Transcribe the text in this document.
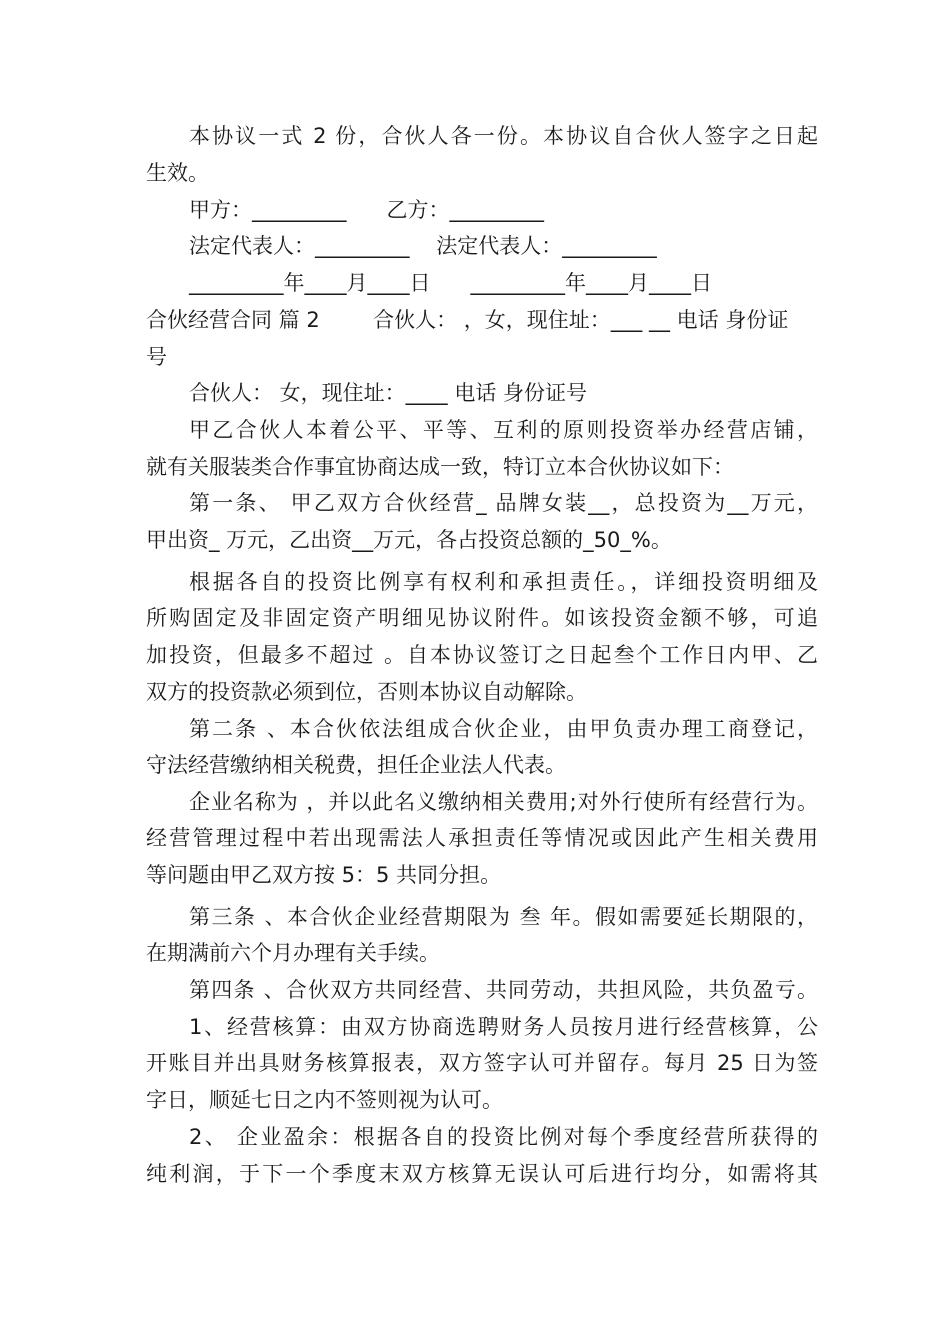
本协议一式 2 份，合伙人各一份。本协议自合伙人签字之日起
生效。
甲方：_________      乙方：_________
法定代表人：_________    法定代表人：_________
_________年____月____日      _________年____月____日
合伙经营合同 篇 2        合伙人： ，女，现住址：___ __ 电话 身份证
号
合伙人： 女，现住址：____ 电话 身份证号
甲乙合伙人本着公平、平等、互利的原则投资举办经营店铺，
就有关服装类合作事宜协商达成一致，特订立本合伙协议如下：
第一条、 甲乙双方合伙经营_ 品牌女装__，总投资为__万元，
甲出资_ 万元，乙出资__万元，各占投资总额的_50_%。
根据各自的投资比例享有权利和承担责任。，详细投资明细及
所购固定及非固定资产明细见协议附件。如该投资金额不够，可追
加投资，但最多不超过 。自本协议签订之日起叁个工作日内甲、乙
双方的投资款必须到位，否则本协议自动解除。
第二条 、本合伙依法组成合伙企业，由甲负责办理工商登记，
守法经营缴纳相关税费，担任企业法人代表。
企业名称为 ，并以此名义缴纳相关费用;对外行使所有经营行为。
经营管理过程中若出现需法人承担责任等情况或因此产生相关费用
等问题由甲乙双方按 5：5 共同分担。
第三条 、本合伙企业经营期限为 叁 年。假如需要延长期限的，
在期满前六个月办理有关手续。
第四条 、合伙双方共同经营、共同劳动，共担风险，共负盈亏。
1、经营核算：由双方协商选聘财务人员按月进行经营核算，公
开账目并出具财务核算报表，双方签字认可并留存。每月 25 日为签
字日，顺延七日之内不签则视为认可。
2、 企业盈余：根据各自的投资比例对每个季度经营所获得的
纯利润，于下一个季度末双方核算无误认可后进行均分，如需将其
